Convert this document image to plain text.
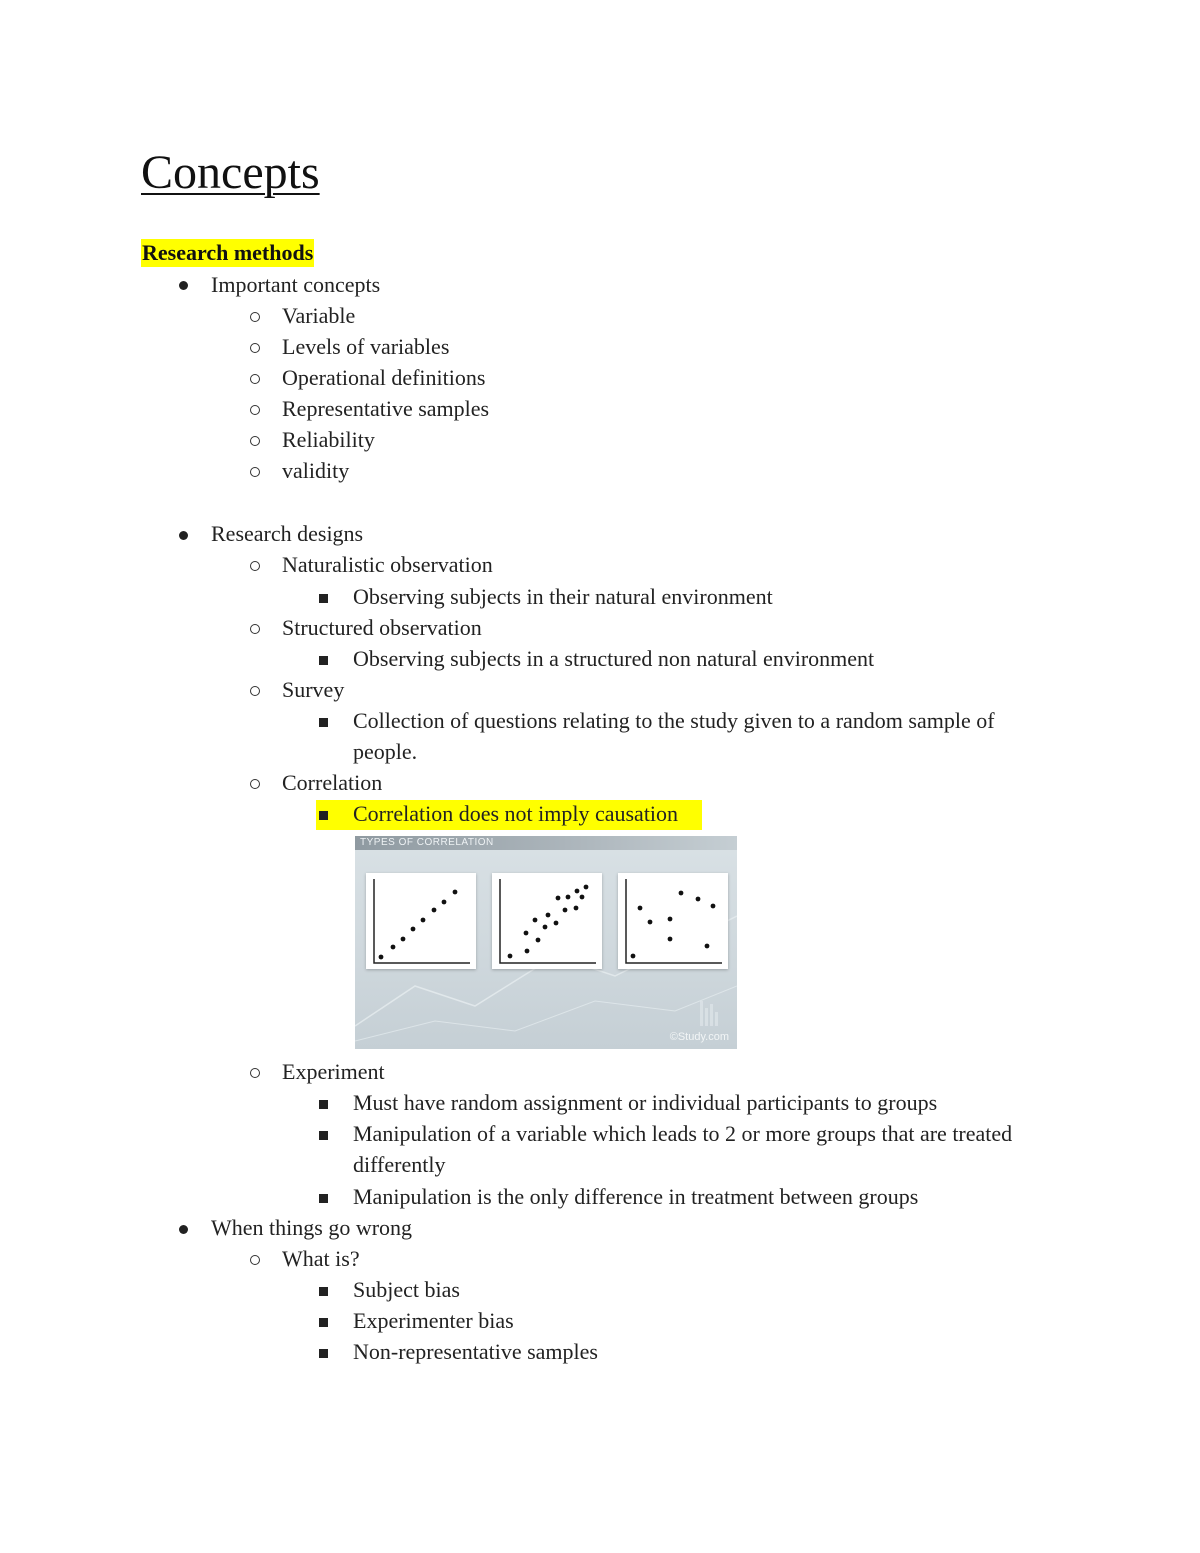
Concepts
Research methods
Important concepts
Variable
Levels of variables
Operational definitions
Representative samples
Reliability
validity
Research designs
Naturalistic observation
Observing subjects in their natural environment
Structured observation
Observing subjects in a structured non natural environment
Survey
Collection of questions relating to the study given to a random sample of
people.
Correlation
Correlation does not imply causation
TYPES OF CORRELATION
©Study.com
Experiment
Must have random assignment or individual participants to groups
Manipulation of a variable which leads to 2 or more groups that are treated
differently
Manipulation is the only difference in treatment between groups
When things go wrong
What is?
Subject bias
Experimenter bias
Non-representative samples
